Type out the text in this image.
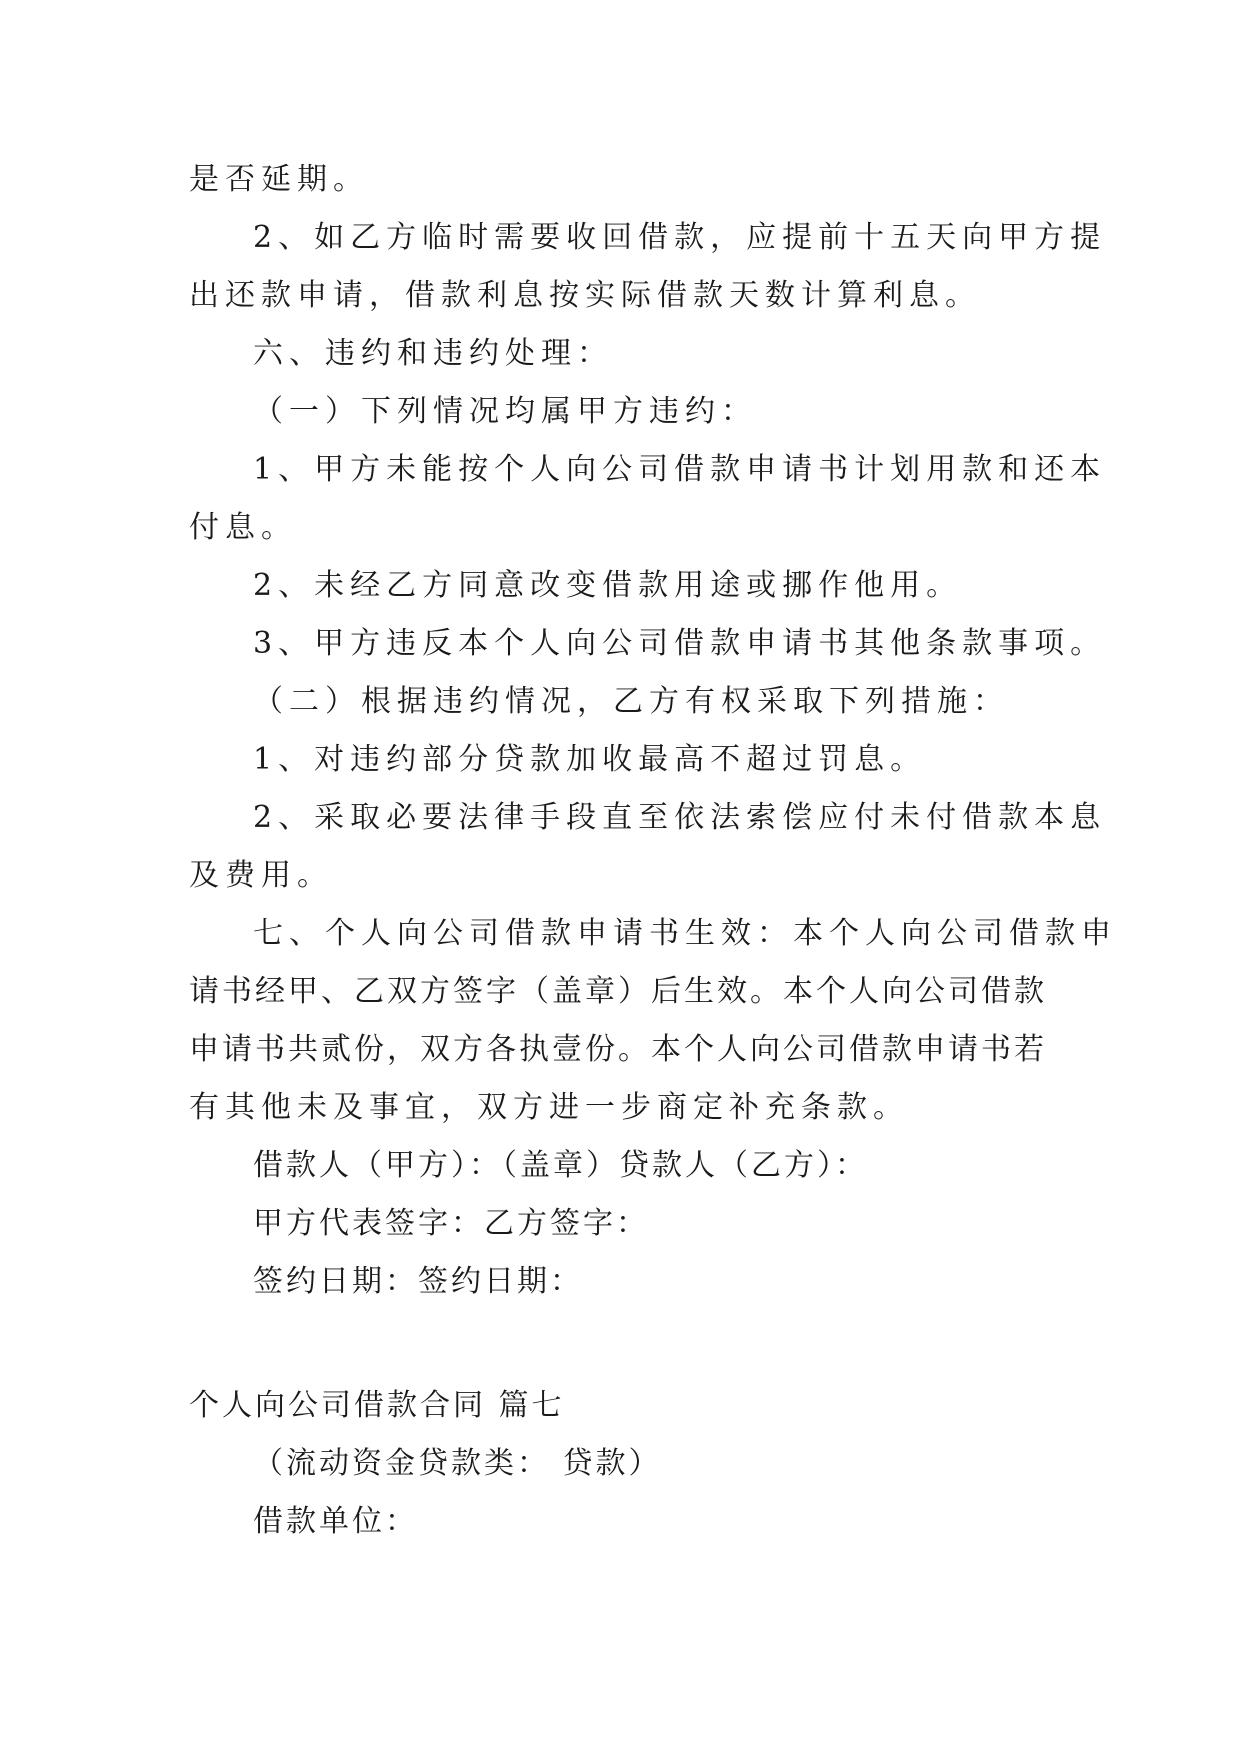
是否延期。
2、如乙方临时需要收回借款，应提前十五天向甲方提
出还款申请，借款利息按实际借款天数计算利息。
六、违约和违约处理：
（一）下列情况均属甲方违约：
1、甲方未能按个人向公司借款申请书计划用款和还本
付息。
2、未经乙方同意改变借款用途或挪作他用。
3、甲方违反本个人向公司借款申请书其他条款事项。
（二）根据违约情况，乙方有权采取下列措施：
1、对违约部分贷款加收最高不超过罚息。
2、采取必要法律手段直至依法索偿应付未付借款本息
及费用。
七、个人向公司借款申请书生效：本个人向公司借款申
请书经甲、乙双方签字（盖章）后生效。本个人向公司借款
申请书共贰份，双方各执壹份。本个人向公司借款申请书若
有其他未及事宜，双方进一步商定补充条款。
借款人（甲方）：（盖章）贷款人（乙方）：
甲方代表签字：乙方签字：
签约日期：签约日期：
个人向公司借款合同 篇七
（流动资金贷款类： 贷款）
借款单位：
